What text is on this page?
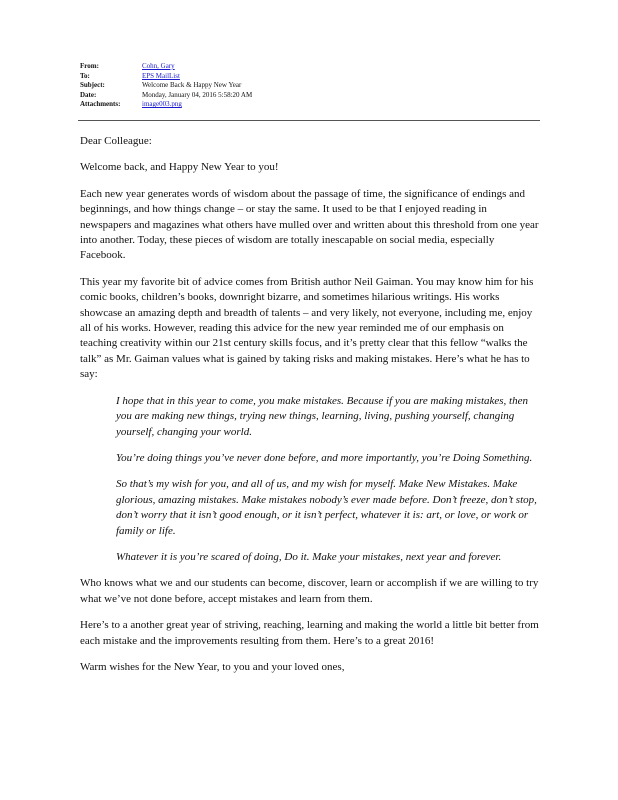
From:	Cohn, Gary
To:	EPS MailList
Subject:	Welcome Back & Happy New Year
Date:	Monday, January 04, 2016 5:58:20 AM
Attachments:	image003.png

Dear Colleague:

Welcome back, and Happy New Year to you!

Each new year generates words of wisdom about the passage of time, the significance of endings and beginnings, and how things change – or stay the same. It used to be that I enjoyed reading in newspapers and magazines what others have mulled over and written about this threshold from one year into another. Today, these pieces of wisdom are totally inescapable on social media, especially Facebook.

This year my favorite bit of advice comes from British author Neil Gaiman. You may know him for his comic books, children’s books, downright bizarre, and sometimes hilarious writings. His works showcase an amazing depth and breadth of talents – and very likely, not everyone, including me, enjoy all of his works. However, reading this advice for the new year reminded me of our emphasis on teaching creativity within our 21st century skills focus, and it’s pretty clear that this fellow “walks the talk” as Mr. Gaiman values what is gained by taking risks and making mistakes. Here’s what he has to say:

I hope that in this year to come, you make mistakes. Because if you are making mistakes, then you are making new things, trying new things, learning, living, pushing yourself, changing yourself, changing your world.

You’re doing things you’ve never done before, and more importantly, you’re Doing Something.

So that’s my wish for you, and all of us, and my wish for myself. Make New Mistakes. Make glorious, amazing mistakes. Make mistakes nobody’s ever made before. Don’t freeze, don’t stop, don’t worry that it isn’t good enough, or it isn’t perfect, whatever it is: art, or love, or work or family or life.

Whatever it is you’re scared of doing, Do it. Make your mistakes, next year and forever.

Who knows what we and our students can become, discover, learn or accomplish if we are willing to try what we’ve not done before, accept mistakes and learn from them.

Here’s to a another great year of striving, reaching, learning and making the world a little bit better from each mistake and the improvements resulting from them. Here’s to a great 2016!

Warm wishes for the New Year, to you and your loved ones,
